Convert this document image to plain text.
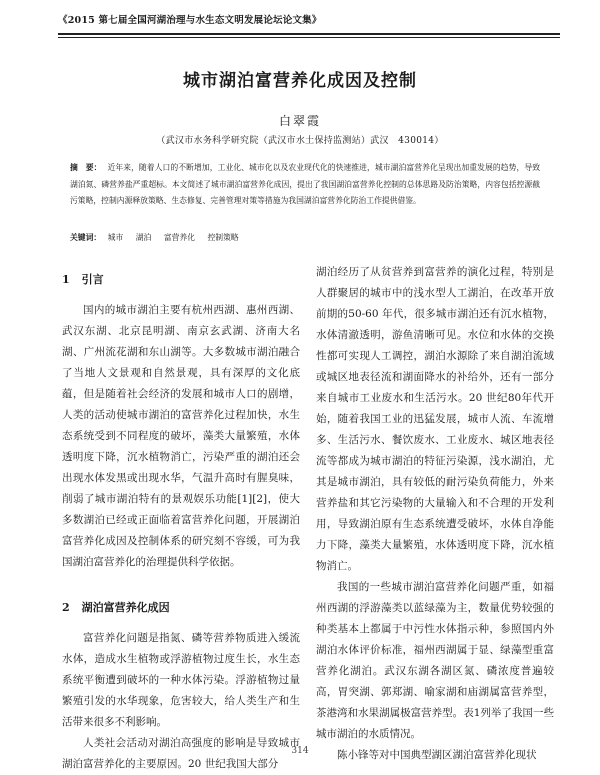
《2015 第七届全国河湖治理与水生态文明发展论坛论文集》
城市湖泊富营养化成因及控制
白翠霞
（武汉市水务科学研究院（武汉市水土保持监测站）武汉　430014）
摘　要： 近年来，随着人口的不断增加，工业化、城市化以及农业现代化的快速推进，城市湖泊富营养化呈现出加重发展的趋势，导致湖泊氮、磷营养盐严重超标。本文简述了城市湖泊富营养化成因，提出了我国湖泊富营养化控制的总体思路及防治策略，内容包括控源截污策略，控制内源释放策略、生态修复、完善管理对策等措施为我国湖泊富营养化防治工作提供借鉴。
关键词： 城市 湖泊 富营养化 控制策略
1 引言

国内的城市湖泊主要有杭州西湖、惠州西湖、武汉东湖、北京昆明湖、南京玄武湖、济南大名湖、广州流花湖和东山湖等。大多数城市湖泊融合了当地人文景观和自然景观，具有深厚的文化底蕴，但是随着社会经济的发展和城市人口的剧增，人类的活动使城市湖泊的富营养化过程加快，水生态系统受到不同程度的破坏，藻类大量繁殖，水体透明度下降，沉水植物消亡，污染严重的湖泊还会出现水体发黑或出现水华，气温升高时有腥臭味，削弱了城市湖泊特有的景观娱乐功能[1][2]，使大多数湖泊已经或正面临着富营养化问题，开展湖泊富营养化成因及控制体系的研究刻不容缓，可为我国湖泊富营养化的治理提供科学依据。

2 湖泊富营养化成因

富营养化问题是指氮、磷等营养物质进入缓流水体，造成水生植物或浮游植物过度生长，水生态系统平衡遭到破坏的一种水体污染。浮游植物过量繁殖引发的水华现象，危害较大，给人类生产和生活带来很多不利影响。

人类社会活动对湖泊高强度的影响是导致城市湖泊富营养化的主要原因。20 世纪我国大部分

湖泊经历了从贫营养到富营养的演化过程，特别是人群聚居的城市中的浅水型人工湖泊，在改革开放前期的50-60 年代，很多城市湖泊还有沉水植物，水体清澈透明，游鱼清晰可见。水位和水体的交换性都可实现人工调控，湖泊水源除了来自湖泊流域或城区地表径流和湖面降水的补给外，还有一部分来自城市工业废水和生活污水。20 世纪80年代开始，随着我国工业的迅猛发展，城市人流、车流增多、生活污水、餐饮废水、工业废水、城区地表径流等都成为城市湖泊的特征污染源，浅水湖泊，尤其是城市湖泊，具有较低的耐污染负荷能力，外来营养盐和其它污染物的大量输入和不合理的开发利用，导致湖泊原有生态系统遭受破坏，水体自净能力下降，藻类大量繁殖，水体透明度下降，沉水植物消亡。

我国的一些城市湖泊富营养化问题严重，如福州西湖的浮游藻类以蓝绿藻为主，数量优势较强的种类基本上都属于中污性水体指示种，参照国内外湖泊水体评价标准，福州西湖属于显、绿藻型重富营养化湖泊。武汉东湖各湖区氮、磷浓度普遍较高，胃突湖、郭郑湖、喻家湖和庙湖属富营养型，茶港湾和水果湖属极富营养型。表1列举了我国一些城市湖泊的水质情况。

陈小锋等对中国典型湖区湖泊富营养化现状

314
